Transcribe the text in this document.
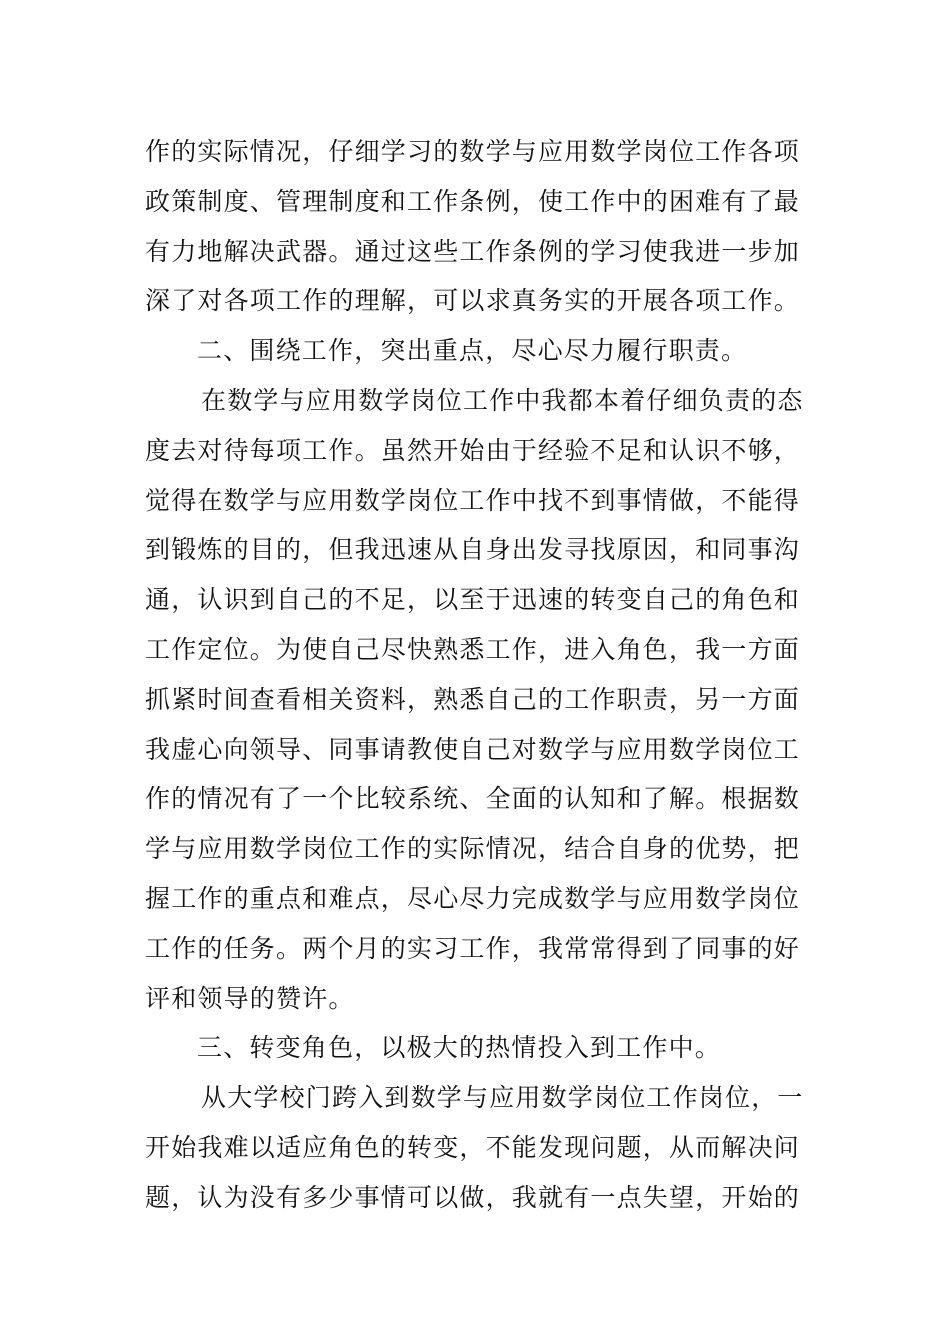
作的实际情况，仔细学习的数学与应用数学岗位工作各项
政策制度、管理制度和工作条例，使工作中的困难有了最
有力地解决武器。通过这些工作条例的学习使我进一步加
深了对各项工作的理解，可以求真务实的开展各项工作。
二、围绕工作，突出重点，尽心尽力履行职责。
在数学与应用数学岗位工作中我都本着仔细负责的态
度去对待每项工作。虽然开始由于经验不足和认识不够，
觉得在数学与应用数学岗位工作中找不到事情做，不能得
到锻炼的目的，但我迅速从自身出发寻找原因，和同事沟
通，认识到自己的不足，以至于迅速的转变自己的角色和
工作定位。为使自己尽快熟悉工作，进入角色，我一方面
抓紧时间查看相关资料，熟悉自己的工作职责，另一方面
我虚心向领导、同事请教使自己对数学与应用数学岗位工
作的情况有了一个比较系统、全面的认知和了解。根据数
学与应用数学岗位工作的实际情况，结合自身的优势，把
握工作的重点和难点，尽心尽力完成数学与应用数学岗位
工作的任务。两个月的实习工作，我常常得到了同事的好
评和领导的赞许。
三、转变角色，以极大的热情投入到工作中。
从大学校门跨入到数学与应用数学岗位工作岗位，一
开始我难以适应角色的转变，不能发现问题，从而解决问
题，认为没有多少事情可以做，我就有一点失望，开始的
